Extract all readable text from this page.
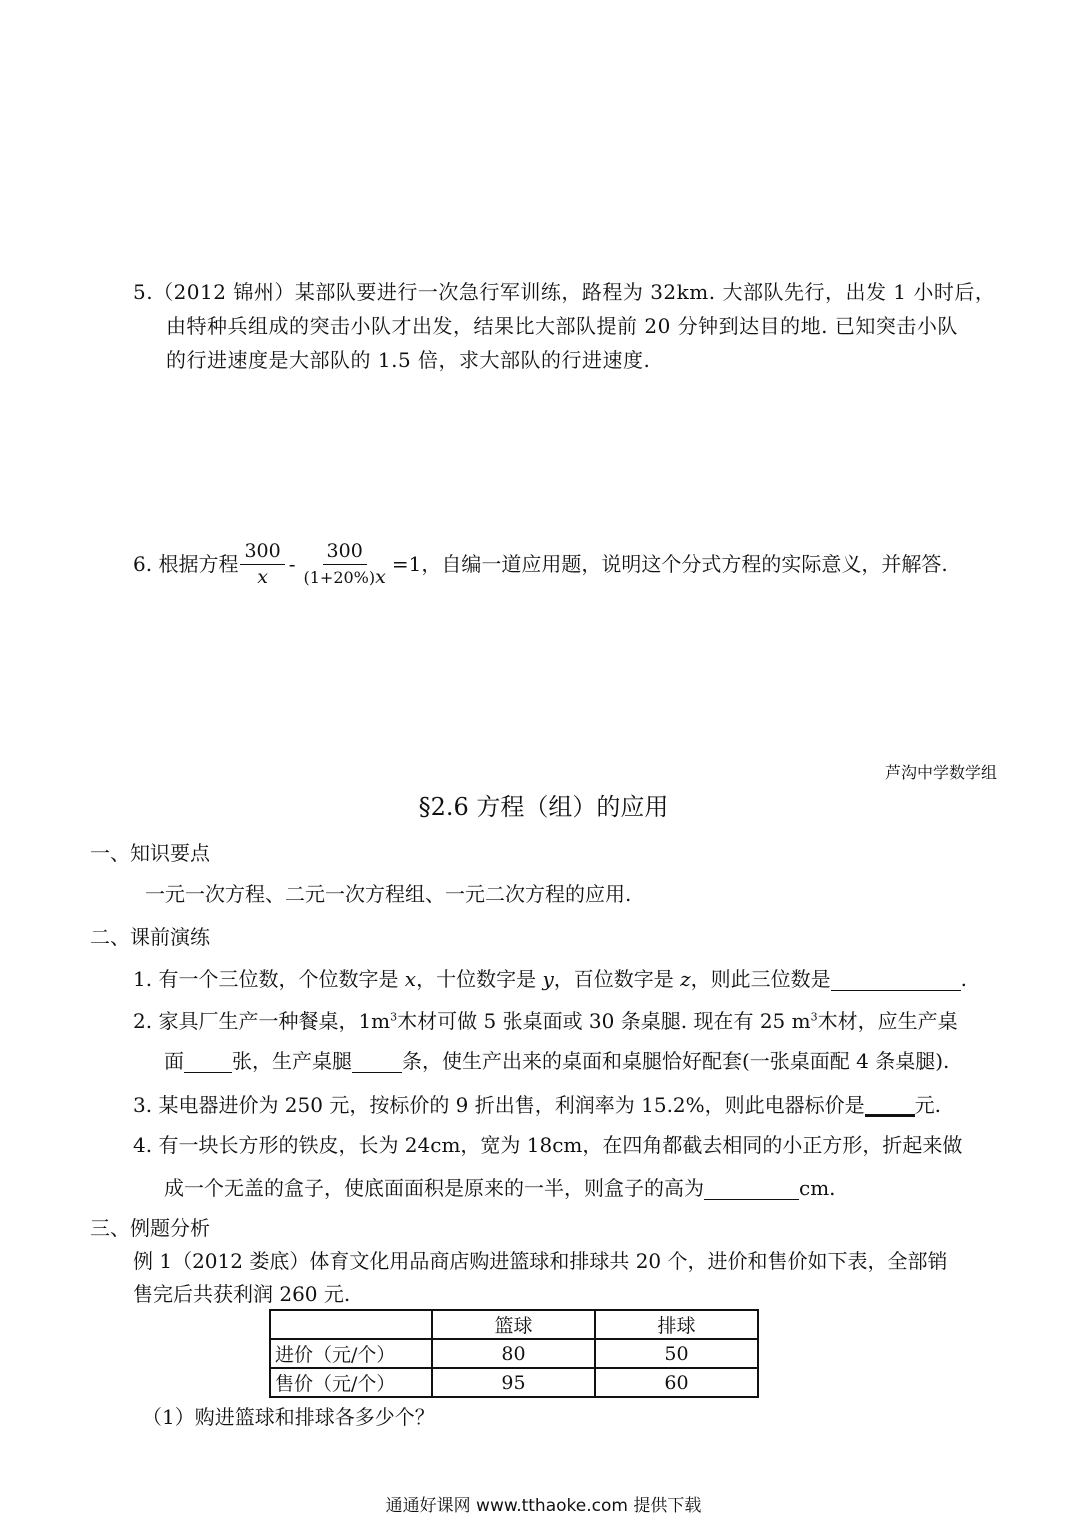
5.（2012 锦州）某部队要进行一次急行军训练，路程为 32km. 大部队先行，出发 1 小时后，
由特种兵组成的突击小队才出发，结果比大部队提前 20 分钟到达目的地. 已知突击小队
的行进速度是大部队的 1.5 倍，求大部队的行进速度.
6. 根据方程 $\frac{300}{x} - \frac{300}{(1+20\%)x} =1$，自编一道应用题，说明这个分式方程的实际意义，并解答.
芦沟中学数学组
§2.6 方程（组）的应用
一、知识要点
一元一次方程、二元一次方程组、一元二次方程的应用.
二、课前演练
1. 有一个三位数，个位数字是 x，十位数字是 y，百位数字是 z，则此三位数是	.
2. 家具厂生产一种餐桌，$1m^3$木材可做 5 张桌面或 30 条桌腿. 现在有 25 $m^3$木材，应生产桌
面 张，生产桌腿	条，使生产出来的桌面和桌腿恰好配套(一张桌面配 4 条桌腿).
3. 某电器进价为 250 元，按标价的 9 折出售，利润率为 15.2%，则此电器标价是	元.
4. 有一块长方形的铁皮，长为 24cm，宽为 18cm，在四角都截去相同的小正方形，折起来做
成一个无盖的盒子，使底面面积是原来的一半，则盒子的高为	cm.
三、例题分析
例 1（2012 娄底）体育文化用品商店购进篮球和排球共 20 个，进价和售价如下表，全部销
售完后共获利润 260 元.
	篮球	排球
进价（元/个）	80	50
售价（元/个）	95	60
（1）购进篮球和排球各多少个？
通通好课网 www.tthaoke.com 提供下载
